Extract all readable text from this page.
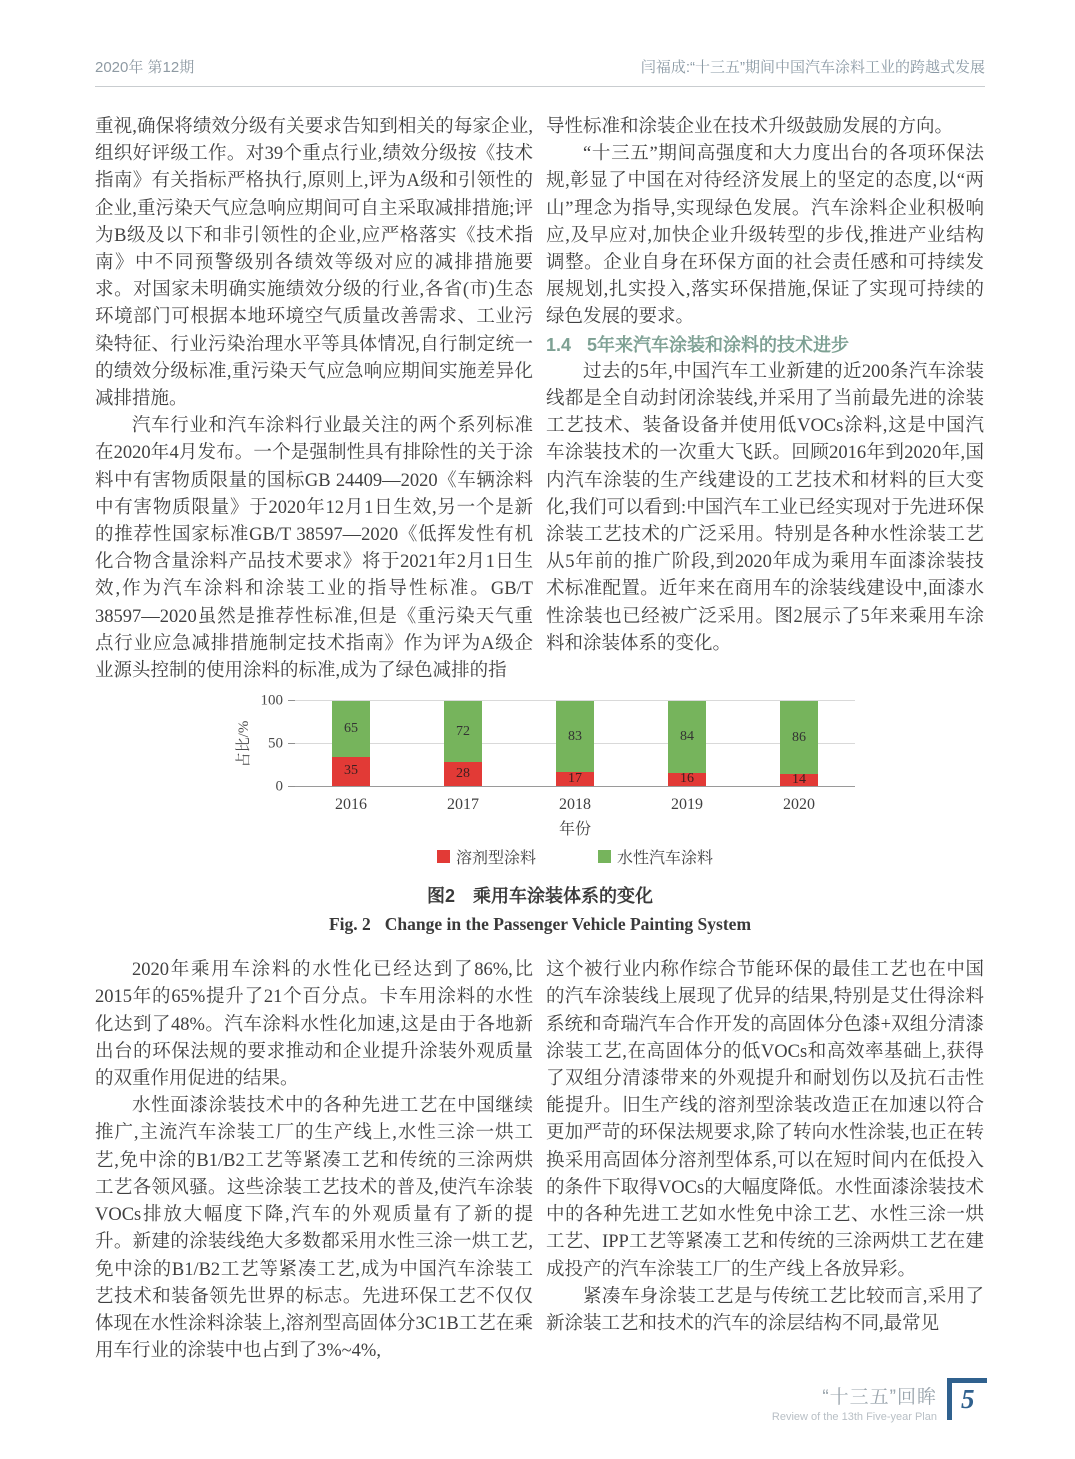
2020年 第12期	闫福成:“十三五”期间中国汽车涂料工业的跨越式发展

重视,确保将绩效分级有关要求告知到相关的每家企业,组织好评级工作。对39个重点行业,绩效分级按《技术指南》有关指标严格执行,原则上,评为A级和引领性的企业,重污染天气应急响应期间可自主采取减排措施;评为B级及以下和非引领性的企业,应严格落实《技术指南》中不同预警级别各绩效等级对应的减排措施要求。对国家未明确实施绩效分级的行业,各省(市)生态环境部门可根据本地环境空气质量改善需求、工业污染特征、行业污染治理水平等具体情况,自行制定统一的绩效分级标准,重污染天气应急响应期间实施差异化减排措施。

汽车行业和汽车涂料行业最关注的两个系列标准在2020年4月发布。一个是强制性具有排除性的关于涂料中有害物质限量的国标GB 24409—2020《车辆涂料中有害物质限量》于2020年12月1日生效,另一个是新的推荐性国家标准GB/T 38597—2020《低挥发性有机化合物含量涂料产品技术要求》将于2021年2月1日生效,作为汽车涂料和涂装工业的指导性标准。GB/T 38597—2020虽然是推荐性标准,但是《重污染天气重点行业应急减排措施制定技术指南》作为评为A级企业源头控制的使用涂料的标准,成为了绿色减排的指

导性标准和涂装企业在技术升级鼓励发展的方向。

“十三五”期间高强度和大力度出台的各项环保法规,彰显了中国在对待经济发展上的坚定的态度,以“两山”理念为指导,实现绿色发展。汽车涂料企业积极响应,及早应对,加快企业升级转型的步伐,推进产业结构调整。企业自身在环保方面的社会责任感和可持续发展规划,扎实投入,落实环保措施,保证了实现可持续的绿色发展的要求。

1.4 5年来汽车涂装和涂料的技术进步

过去的5年,中国汽车工业新建的近200条汽车涂装线都是全自动封闭涂装线,并采用了当前最先进的涂装工艺技术、装备设备并使用低VOCs涂料,这是中国汽车涂装技术的一次重大飞跃。回顾2016年到2020年,国内汽车涂装的生产线建设的工艺技术和材料的巨大变化,我们可以看到:中国汽车工业已经实现对于先进环保涂装工艺技术的广泛采用。特别是各种水性涂装工艺从5年前的推广阶段,到2020年成为乘用车面漆涂装技术标准配置。近年来在商用车的涂装线建设中,面漆水性涂装也已经被广泛采用。图2展示了5年来乘用车涂料和涂装体系的变化。

占比/%
0
50
100
65
35
72
28
83
17
84
16
86
14
2016	2017	2018	2019	2020
年份
溶剂型涂料	水性汽车涂料
图2 乘用车涂装体系的变化
Fig. 2 Change in the Passenger Vehicle Painting System

2020年乘用车涂料的水性化已经达到了86%,比2015年的65%提升了21个百分点。卡车用涂料的水性化达到了48%。汽车涂料水性化加速,这是由于各地新出台的环保法规的要求推动和企业提升涂装外观质量的双重作用促进的结果。

水性面漆涂装技术中的各种先进工艺在中国继续推广,主流汽车涂装工厂的生产线上,水性三涂一烘工艺,免中涂的B1/B2工艺等紧凑工艺和传统的三涂两烘工艺各领风骚。这些涂装工艺技术的普及,使汽车涂装VOCs排放大幅度下降,汽车的外观质量有了新的提升。新建的涂装线绝大多数都采用水性三涂一烘工艺,免中涂的B1/B2工艺等紧凑工艺,成为中国汽车涂装工艺技术和装备领先世界的标志。先进环保工艺不仅仅体现在水性涂料涂装上,溶剂型高固体分3C1B工艺在乘用车行业的涂装中也占到了3%~4%,

这个被行业内称作综合节能环保的最佳工艺也在中国的汽车涂装线上展现了优异的结果,特别是艾仕得涂料系统和奇瑞汽车合作开发的高固体分色漆+双组分清漆涂装工艺,在高固体分的低VOCs和高效率基础上,获得了双组分清漆带来的外观提升和耐划伤以及抗石击性能提升。旧生产线的溶剂型涂装改造正在加速以符合更加严苛的环保法规要求,除了转向水性涂装,也正在转换采用高固体分溶剂型体系,可以在短时间内在低投入的条件下取得VOCs的大幅度降低。水性面漆涂装技术中的各种先进工艺如水性免中涂工艺、水性三涂一烘工艺、IPP工艺等紧凑工艺和传统的三涂两烘工艺在建成投产的汽车涂装工厂的生产线上各放异彩。

紧凑车身涂装工艺是与传统工艺比较而言,采用了新涂装工艺和技术的汽车的涂层结构不同,最常见

“十三五”回眸
Review of the 13th Five-year Plan
5
